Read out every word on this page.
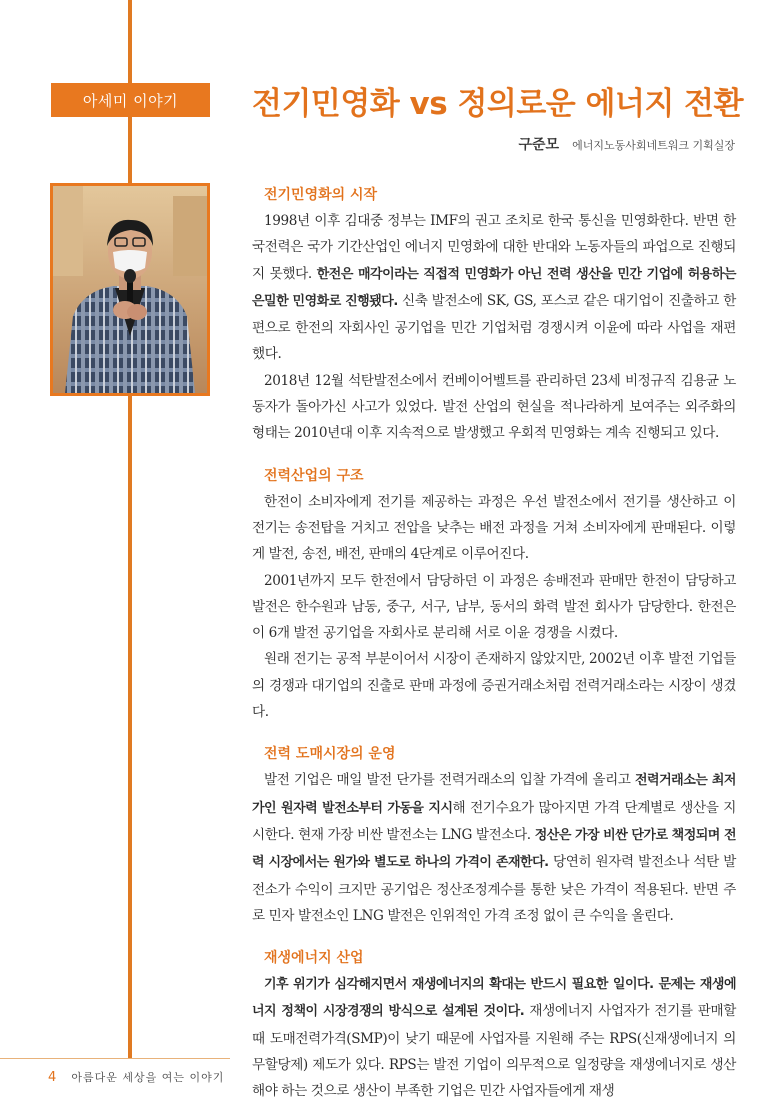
아세미 이야기	전기민영화 vs 정의로운 에너지 전환
구준모 에너지노동사회네트워크 기획실장
전기민영화의 시작

1998년 이후 김대중 정부는 IMF의 권고 조치로 한국 통신을 민영화한다. 반면 한국전력은 국가 기간산업인 에너지 민영화에 대한 반대와 노동자들의 파업으로 진행되지 못했다. 한전은 매각이라는 직접적 민영화가 아닌 전력 생산을 민간 기업에 허용하는 은밀한 민영화로 진행됐다. 신축 발전소에 SK, GS, 포스코 같은 대기업이 진출하고 한편으로 한전의 자회사인 공기업을 민간 기업처럼 경쟁시켜 이윤에 따라 사업을 재편했다.

2018년 12월 석탄발전소에서 컨베이어벨트를 관리하던 23세 비정규직 김용균 노동자가 돌아가신 사고가 있었다. 발전 산업의 현실을 적나라하게 보여주는 외주화의 형태는 2010년대 이후 지속적으로 발생했고 우회적 민영화는 계속 진행되고 있다.

전력산업의 구조

한전이 소비자에게 전기를 제공하는 과정은 우선 발전소에서 전기를 생산하고 이 전기는 송전탑을 거치고 전압을 낮추는 배전 과정을 거쳐 소비자에게 판매된다. 이렇게 발전, 송전, 배전, 판매의 4단계로 이루어진다.

2001년까지 모두 한전에서 담당하던 이 과정은 송배전과 판매만 한전이 담당하고 발전은 한수원과 남동, 중구, 서구, 남부, 동서의 화력 발전 회사가 담당한다. 한전은 이 6개 발전 공기업을 자회사로 분리해 서로 이윤 경쟁을 시켰다.

원래 전기는 공적 부분이어서 시장이 존재하지 않았지만, 2002년 이후 발전 기업들의 경쟁과 대기업의 진출로 판매 과정에 증권거래소처럼 전력거래소라는 시장이 생겼다.

전력 도매시장의 운영

발전 기업은 매일 발전 단가를 전력거래소의 입찰 가격에 올리고 전력거래소는 최저가인 원자력 발전소부터 가동을 지시해 전기수요가 많아지면 가격 단계별로 생산을 지시한다. 현재 가장 비싼 발전소는 LNG 발전소다. 정산은 가장 비싼 단가로 책정되며 전력 시장에서는 원가와 별도로 하나의 가격이 존재한다. 당연히 원자력 발전소나 석탄 발전소가 수익이 크지만 공기업은 정산조정계수를 통한 낮은 가격이 적용된다. 반면 주로 민자 발전소인 LNG 발전은 인위적인 가격 조정 없이 큰 수익을 올린다.

재생에너지 산업

기후 위기가 심각해지면서 재생에너지의 확대는 반드시 필요한 일이다. 문제는 재생에너지 정책이 시장경쟁의 방식으로 설계된 것이다. 재생에너지 사업자가 전기를 판매할 때 도매전력가격(SMP)이 낮기 때문에 사업자를 지원해 주는 RPS(신재생에너지 의무할당제) 제도가 있다. RPS는 발전 기업이 의무적으로 일정량을 재생에너지로 생산해야 하는 것으로 생산이 부족한 기업은 민간 사업자들에게 재생

4 아름다운 세상을 여는 이야기
